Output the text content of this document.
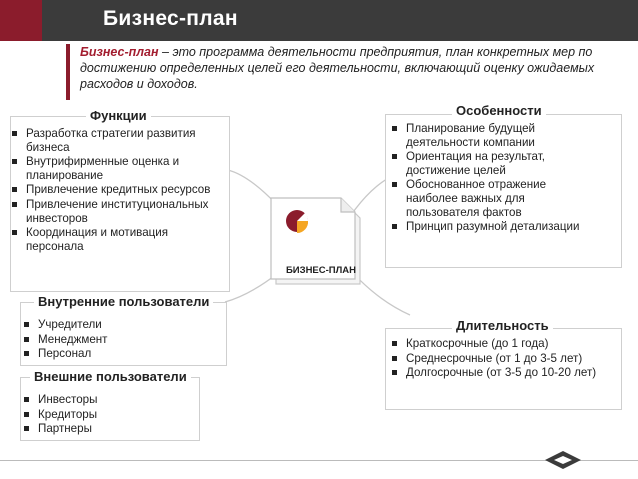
Бизнес-план
Бизнес-план – это программа деятельности предприятия, план конкретных мер по достижению определенных целей его деятельности, включающий оценку ожидаемых расходов и доходов.
Функции
Разработка стратегии развития бизнеса
Внутрифирменные оценка и планирование
Привлечение кредитных ресурсов
Привлечение институциональных инвесторов
Координация и мотивация персонала
Внутренние пользователи
Учредители
Менеджмент
Персонал
Внешние пользователи
Инвесторы
Кредиторы
Партнеры
Особенности
Планирование будущей деятельности компании
Ориентация на результат, достижение целей
Обоснованное отражение наиболее важных для пользователя фактов
Принцип разумной детализации
Длительность
Краткосрочные (до 1 года)
Среднесрочные (от 1 до 3-5 лет)
Долгосрочные (от 3-5 до 10-20 лет)
БИЗНЕС-ПЛАН
